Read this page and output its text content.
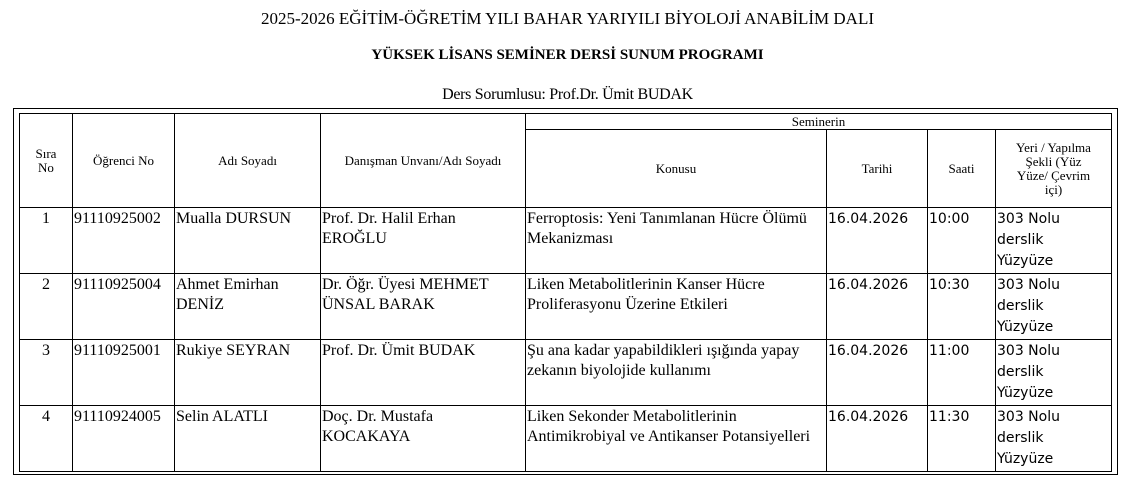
2025-2026 EĞİTİM-ÖĞRETİM YILI BAHAR YARIYILI BİYOLOJİ ANABİLİM DALI
YÜKSEK LİSANS SEMİNER DERSİ SUNUM PROGRAMI
Ders Sorumlusu: Prof.Dr. Ümit BUDAK
Sıra No	Öğrenci No	Adı Soyadı	Danışman Unvanı/Adı Soyadı	Seminerin			
				Konusu	Tarihi	Saati	Yeri / Yapılma Şekli (Yüz Yüze/ Çevrim içi)

1	91110925002	Mualla DURSUN	Prof. Dr. Halil Erhan EROĞLU	Ferroptosis: Yeni Tanımlanan Hücre Ölümü Mekanizması	16.04.2026	10:00	303 Nolu derslik Yüzyüze

2	91110925004	Ahmet Emirhan DENİZ	Dr. Öğr. Üyesi MEHMET ÜNSAL BARAK	Liken Metabolitlerinin Kanser Hücre Proliferasyonu Üzerine Etkileri	16.04.2026	10:30	303 Nolu derslik Yüzyüze

3	91110925001	Rukiye SEYRAN	Prof. Dr. Ümit BUDAK	Şu ana kadar yapabildikleri ışığında yapay zekanın biyolojide kullanımı	16.04.2026	11:00	303 Nolu derslik Yüzyüze

4	91110924005	Selin ALATLI	Doç. Dr. Mustafa KOCAKAYA	Liken Sekonder Metabolitlerinin Antimikrobiyal ve Antikanser Potansiyelleri	16.04.2026	11:30	303 Nolu derslik Yüzyüze
